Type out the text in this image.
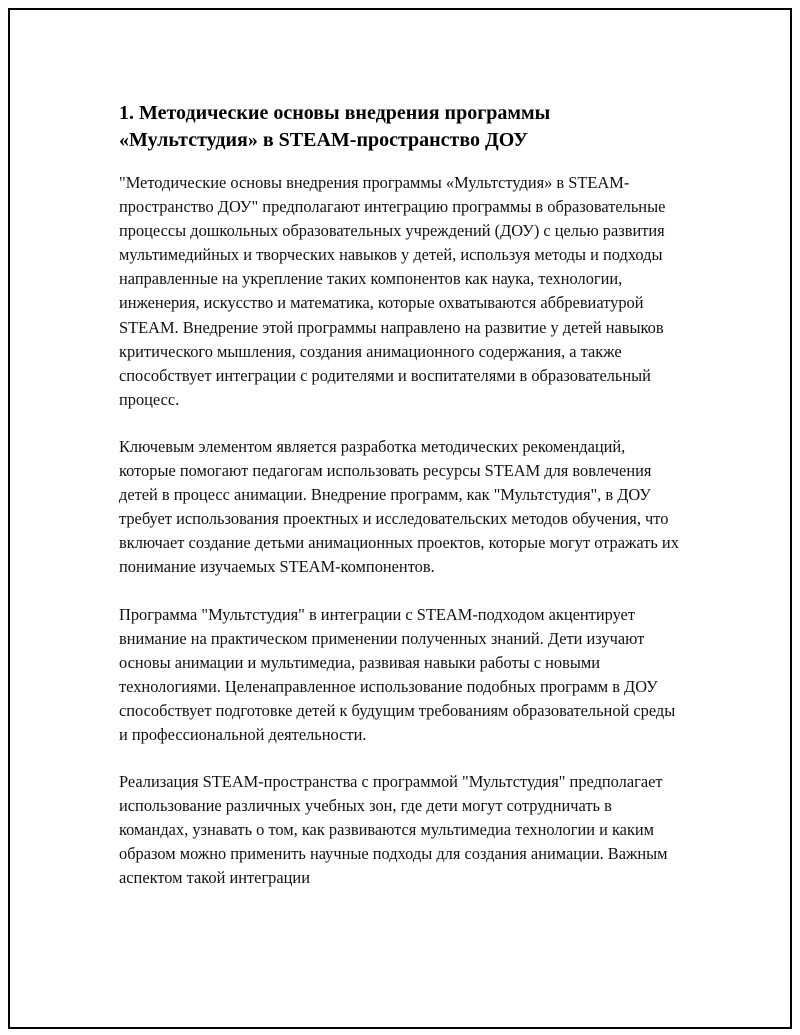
1. Методические основы внедрения программы «Мультстудия» в STEAM-пространство ДОУ

"Методические основы внедрения программы «Мультстудия» в STEAM-пространство ДОУ" предполагают интеграцию программы в образовательные процессы дошкольных образовательных учреждений (ДОУ) с целью развития мультимедийных и творческих навыков у детей, используя методы и подходы направленные на укрепление таких компонентов как наука, технологии, инженерия, искусство и математика, которые охватываются аббревиатурой STEAM. Внедрение этой программы направлено на развитие у детей навыков критического мышления, создания анимационного содержания, а также способствует интеграции с родителями и воспитателями в образовательный процесс.

Ключевым элементом является разработка методических рекомендаций, которые помогают педагогам использовать ресурсы STEAM для вовлечения детей в процесс анимации. Внедрение программ, как "Мультстудия", в ДОУ требует использования проектных и исследовательских методов обучения, что включает создание детьми анимационных проектов, которые могут отражать их понимание изучаемых STEAM-компонентов.

Программа "Мультстудия" в интеграции с STEAM-подходом акцентирует внимание на практическом применении полученных знаний. Дети изучают основы анимации и мультимедиа, развивая навыки работы с новыми технологиями. Целенаправленное использование подобных программ в ДОУ способствует подготовке детей к будущим требованиям образовательной среды и профессиональной деятельности.

Реализация STEAM-пространства с программой "Мультстудия" предполагает использование различных учебных зон, где дети могут сотрудничать в командах, узнавать о том, как развиваются мультимедиа технологии и каким образом можно применить научные подходы для создания анимации. Важным аспектом такой интеграции
